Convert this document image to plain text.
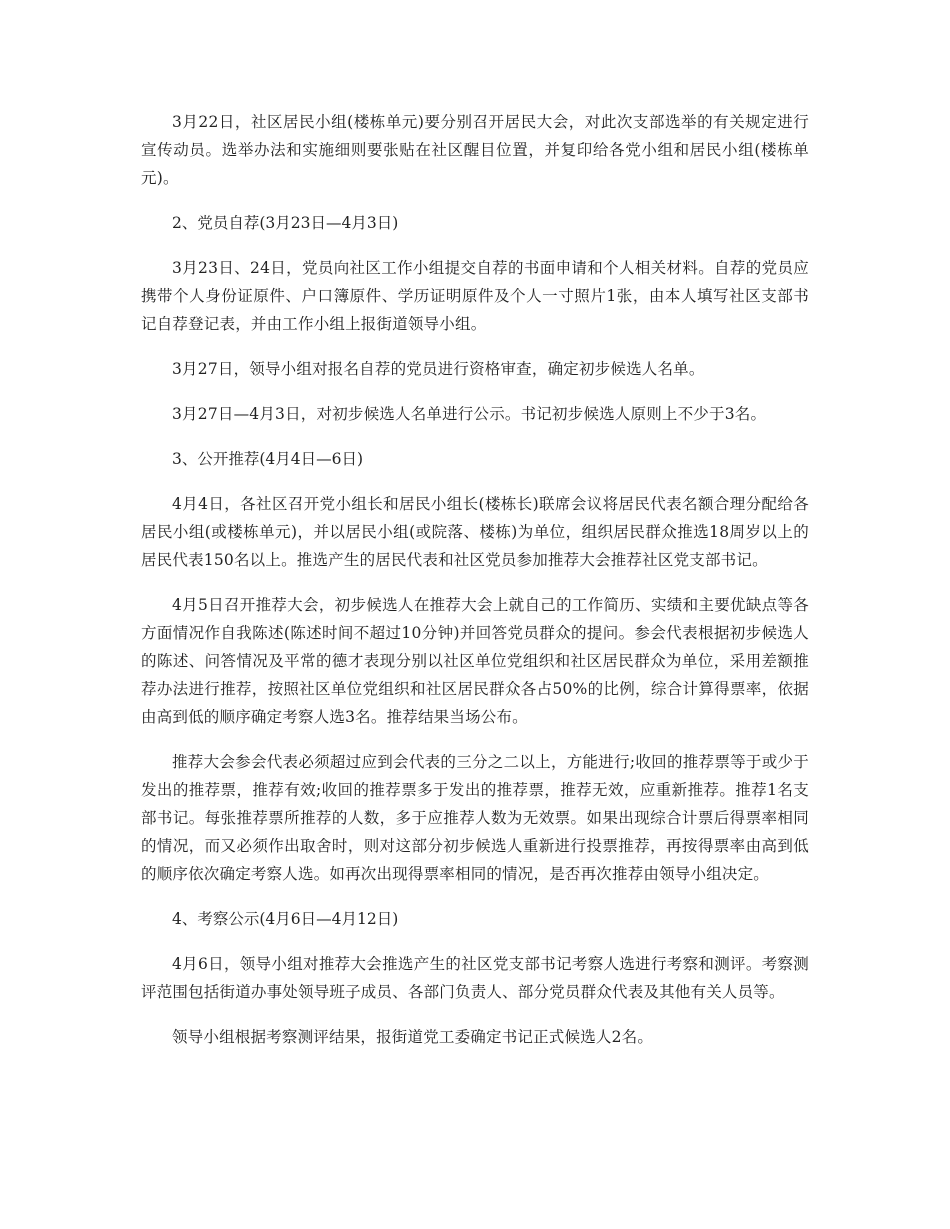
3月22日，社区居民小组(楼栋单元)要分别召开居民大会，对此次支部选举的有关规定进行宣传动员。选举办法和实施细则要张贴在社区醒目位置，并复印给各党小组和居民小组(楼栋单元)。

2、党员自荐(3月23日—4月3日)

3月23日、24日，党员向社区工作小组提交自荐的书面申请和个人相关材料。自荐的党员应携带个人身份证原件、户口簿原件、学历证明原件及个人一寸照片1张，由本人填写社区支部书记自荐登记表，并由工作小组上报街道领导小组。

3月27日，领导小组对报名自荐的党员进行资格审查，确定初步候选人名单。

3月27日—4月3日，对初步候选人名单进行公示。书记初步候选人原则上不少于3名。

3、公开推荐(4月4日—6日)

4月4日，各社区召开党小组长和居民小组长(楼栋长)联席会议将居民代表名额合理分配给各居民小组(或楼栋单元)，并以居民小组(或院落、楼栋)为单位，组织居民群众推选18周岁以上的居民代表150名以上。推选产生的居民代表和社区党员参加推荐大会推荐社区党支部书记。

4月5日召开推荐大会，初步候选人在推荐大会上就自己的工作简历、实绩和主要优缺点等各方面情况作自我陈述(陈述时间不超过10分钟)并回答党员群众的提问。参会代表根据初步候选人的陈述、问答情况及平常的德才表现分别以社区单位党组织和社区居民群众为单位，采用差额推荐办法进行推荐，按照社区单位党组织和社区居民群众各占50%的比例，综合计算得票率，依据由高到低的顺序确定考察人选3名。推荐结果当场公布。

推荐大会参会代表必须超过应到会代表的三分之二以上，方能进行;收回的推荐票等于或少于发出的推荐票，推荐有效;收回的推荐票多于发出的推荐票，推荐无效，应重新推荐。推荐1名支部书记。每张推荐票所推荐的人数，多于应推荐人数为无效票。如果出现综合计票后得票率相同的情况，而又必须作出取舍时，则对这部分初步候选人重新进行投票推荐，再按得票率由高到低的顺序依次确定考察人选。如再次出现得票率相同的情况，是否再次推荐由领导小组决定。

4、考察公示(4月6日—4月12日)

4月6日，领导小组对推荐大会推选产生的社区党支部书记考察人选进行考察和测评。考察测评范围包括街道办事处领导班子成员、各部门负责人、部分党员群众代表及其他有关人员等。

领导小组根据考察测评结果，报街道党工委确定书记正式候选人2名。
